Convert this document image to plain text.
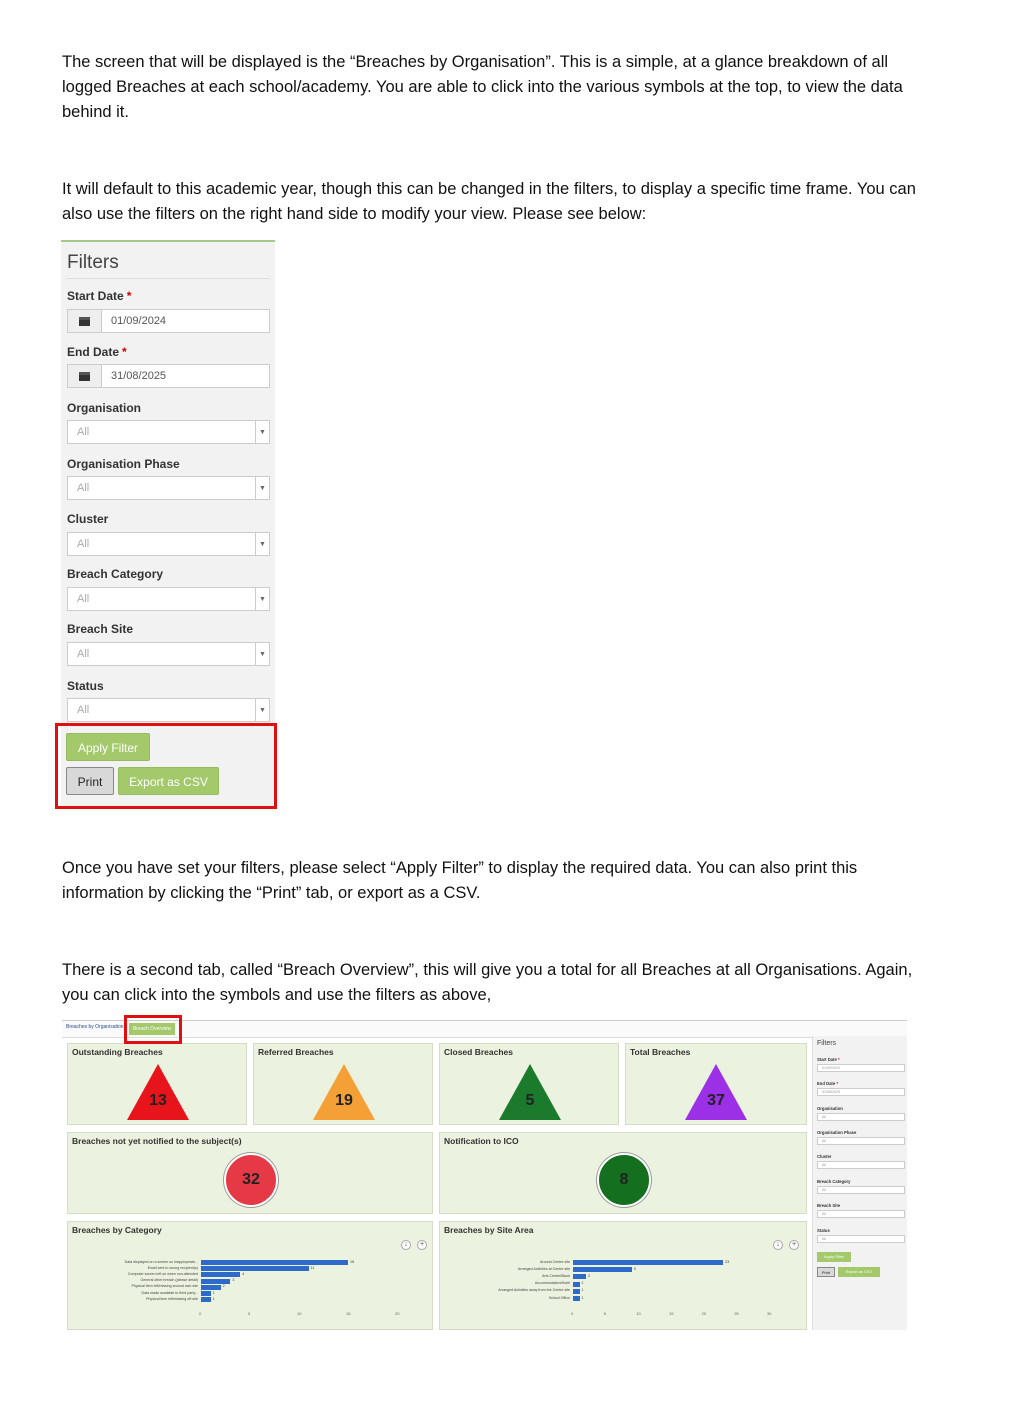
The screen that will be displayed is the “Breaches by Organisation”. This is a simple, at a glance breakdown of all
logged Breaches at each school/academy. You are able to click into the various symbols at the top, to view the data
behind it.
It will default to this academic year, though this can be changed in the filters, to display a specific time frame. You can
also use the filters on the right hand side to modify your view. Please see below:
Filters
Start Date *
01/09/2024
End Date *
31/08/2025
Organisation
All	▼
Organisation Phase
All	▼
Cluster
All	▼
Breach Category
All	▼
Breach Site
All	▼
Status
All	▼
Apply Filter
Print	Export as CSV
Once you have set your filters, please select “Apply Filter” to display the required data. You can also print this
information by clicking the “Print” tab, or export as a CSV.
There is a second tab, called “Breach Overview”, this will give you a total for all Breaches at all Organisations. Again,
you can click into the symbols and use the filters as above,
Breaches by Organisation	Breach Overview
Outstanding Breaches
13
Referred Breaches
19
Closed Breaches
5
Total Breaches
37
Breaches not yet notified to the subject(s)
32
Notification to ICO
8
Breaches by Category
↓	+
Data displayed on a screen so inappropriate...	15
Email sent to wrong recipient(s)	11
Computer screen left on when non-attended	4
General other breach (please detail)	3
Physical item left/missing around own site	2
Data made available to third party...	1
Physical item left/missing off-site	1
0	5	10	15	20
Breaches by Site Area
↓	+
Around Centre site	23
Arranged Activities at Centre site	9
Arts Centre/Block	2
Accommodation/Hotel	1
Arranged Activities away from the Centre site	1
School Office	1
0	5	10	15	20	25	30
Filters
Start Date *
01/09/2024
End Date *
31/08/2025
Organisation
All
Organisation Phase
All
Cluster
All
Breach Category
All
Breach Site
All
Status
All
Apply Filter
Print	Export as CSV
